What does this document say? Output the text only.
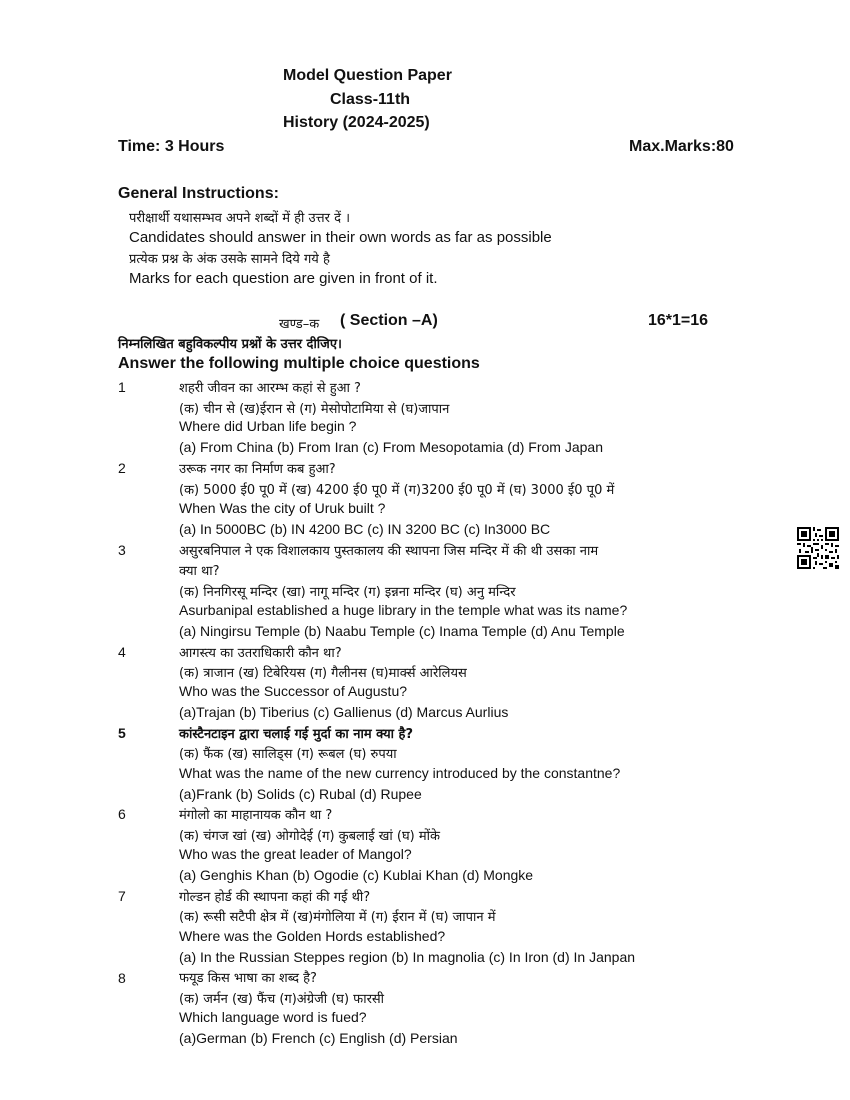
Model Question Paper
Class-11th
History (2024-2025)
Time: 3 Hours	Max.Marks:80
General Instructions:
परीक्षार्थी यथासम्भव अपने शब्दों में ही उत्तर दें ।
Candidates should answer in their own words as far as possible
प्रत्येक प्रश्न के अंक उसके सामने दिये गये है
Marks for each question are given in front of it.
खण्ड–क ( Section –A)	16*1=16
निम्नलिखित बहुविकल्पीय प्रश्नों के उत्तर दीजिए।
Answer the following multiple choice questions
1	शहरी जीवन का आरम्भ कहां से हुआ ?
(क) चीन से (ख)ईरान से (ग) मेसोपोटामिया से (घ)जापान
Where did Urban life begin ?
(a) From China (b) From Iran (c) From Mesopotamia (d) From Japan
2	उरूक नगर का निर्माण कब हुआ?
(क) 5000 ई0 पू0 में (ख) 4200 ई0 पू0 में (ग)3200 ई0 पू0 में (घ) 3000 ई0 पू0 में
When Was the city of Uruk built ?
(a) In 5000BC (b) IN 4200 BC (c) IN 3200 BC (c) In3000 BC
3	असुरबनिपाल ने एक विशालकाय पुस्तकालय की स्थापना जिस मन्दिर में की थी उसका नाम
क्या था?
(क) निनगिरसू मन्दिर (खा) नागू मन्दिर (ग) इन्नना मन्दिर (घ) अनु मन्दिर
Asurbanipal established a huge library in the temple what was its name?
(a) Ningirsu Temple (b) Naabu Temple (c) Inama Temple (d) Anu Temple
4	आगस्त्य का उतराधिकारी कौन था?
(क) त्राजान (ख) टिबेरियस (ग) गैलीनस (घ)मार्क्स आरेलियस
Who was the Successor of Augustu?
(a)Trajan (b) Tiberius (c) Gallienus (d) Marcus Aurlius
5	कांस्टैनटाइन द्वारा चलाई गई मुर्दा का नाम क्या है?
(क) फैंक (ख) सालिड्स (ग) रूबल (घ) रुपया
What was the name of the new currency introduced by the constantne?
(a)Frank (b) Solids (c) Rubal (d) Rupee
6	मंगोलो का माहानायक कौन था ?
(क) चंगज खां (ख) ओगोदेई (ग) कुबलाई खां (घ) मोंके
Who was the great leader of Mangol?
(a) Genghis Khan (b) Ogodie (c) Kublai Khan (d) Mongke
7	गोल्डन होर्ड की स्थापना कहां की गई थी?
(क) रूसी सटैपी क्षेत्र में (ख)मंगोलिया में (ग) ईरान में (घ) जापान में
Where was the Golden Hords established?
(a) In the Russian Steppes region (b) In magnolia (c) In Iron (d) In Janpan
8	फयूड किस भाषा का शब्द है?
(क) जर्मन (ख) फैंच (ग)अंग्रेजी (घ) फारसी
Which language word is fued?
(a)German (b) French (c) English (d) Persian
